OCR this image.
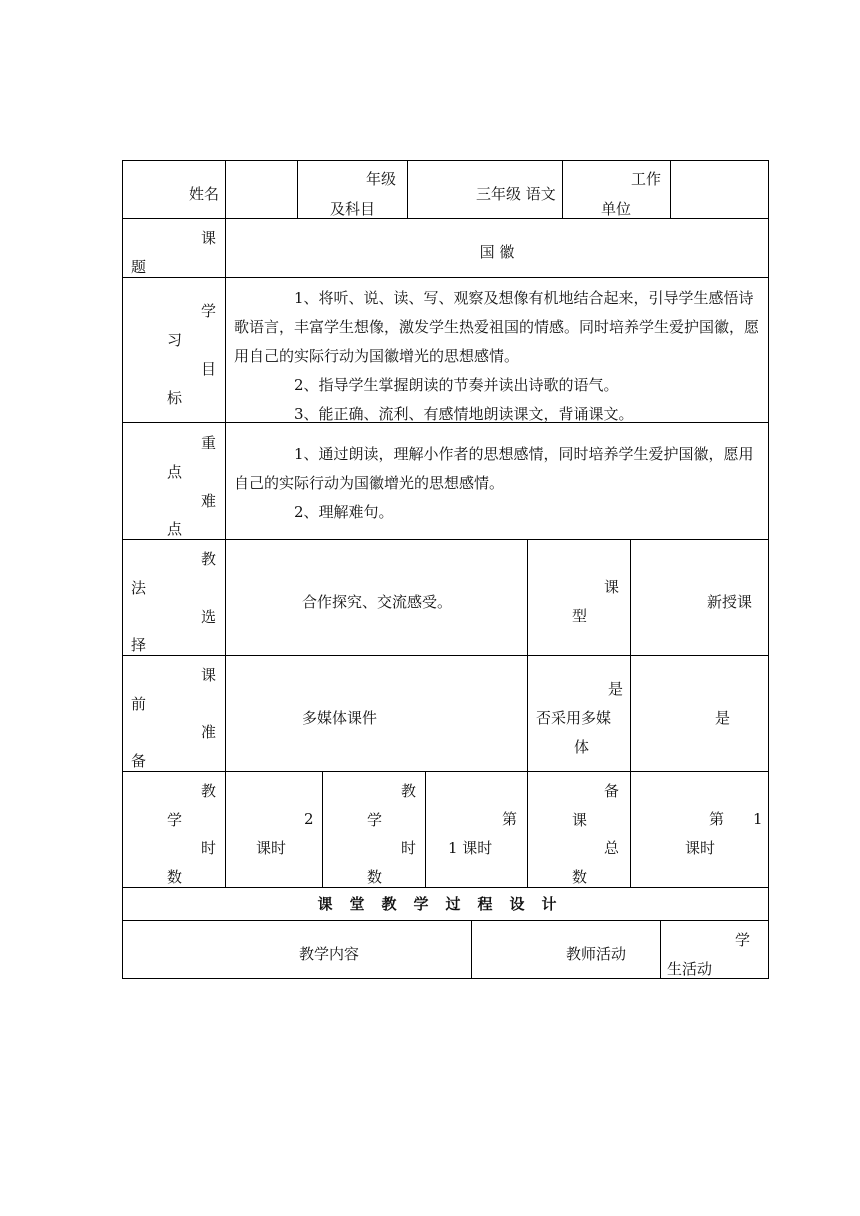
姓名
年级
及科目
三年级 语文
工作
单位
课
题
国 徽
学
习
目
标

1、将听、说、读、写、观察及想像有机地结合起来，引导学生感悟诗歌语言，丰富学生想像，激发学生热爱祖国的情感。同时培养学生爱护国徽，愿用自己的实际行动为国徽增光的思想感情。

2、指导学生掌握朗读的节奏并读出诗歌的语气。

3、能正确、流利、有感情地朗读课文，背诵课文。

重
点
难
点

1、通过朗读，理解小作者的思想感情，同时培养学生爱护国徽，愿用自己的实际行动为国徽增光的思想感情。

2、理解难句。

教
法
选
择
合作探究、交流感受。
课
型
新授课
课
前
准
备
多媒体课件
是
否采用多媒
体
是
教
学
时
数
2
课时
教
学
时
数
第
1 课时
备
课
总
数
第 1
课时
课堂教学过程设计
教学内容	教师活动
学
生活动
